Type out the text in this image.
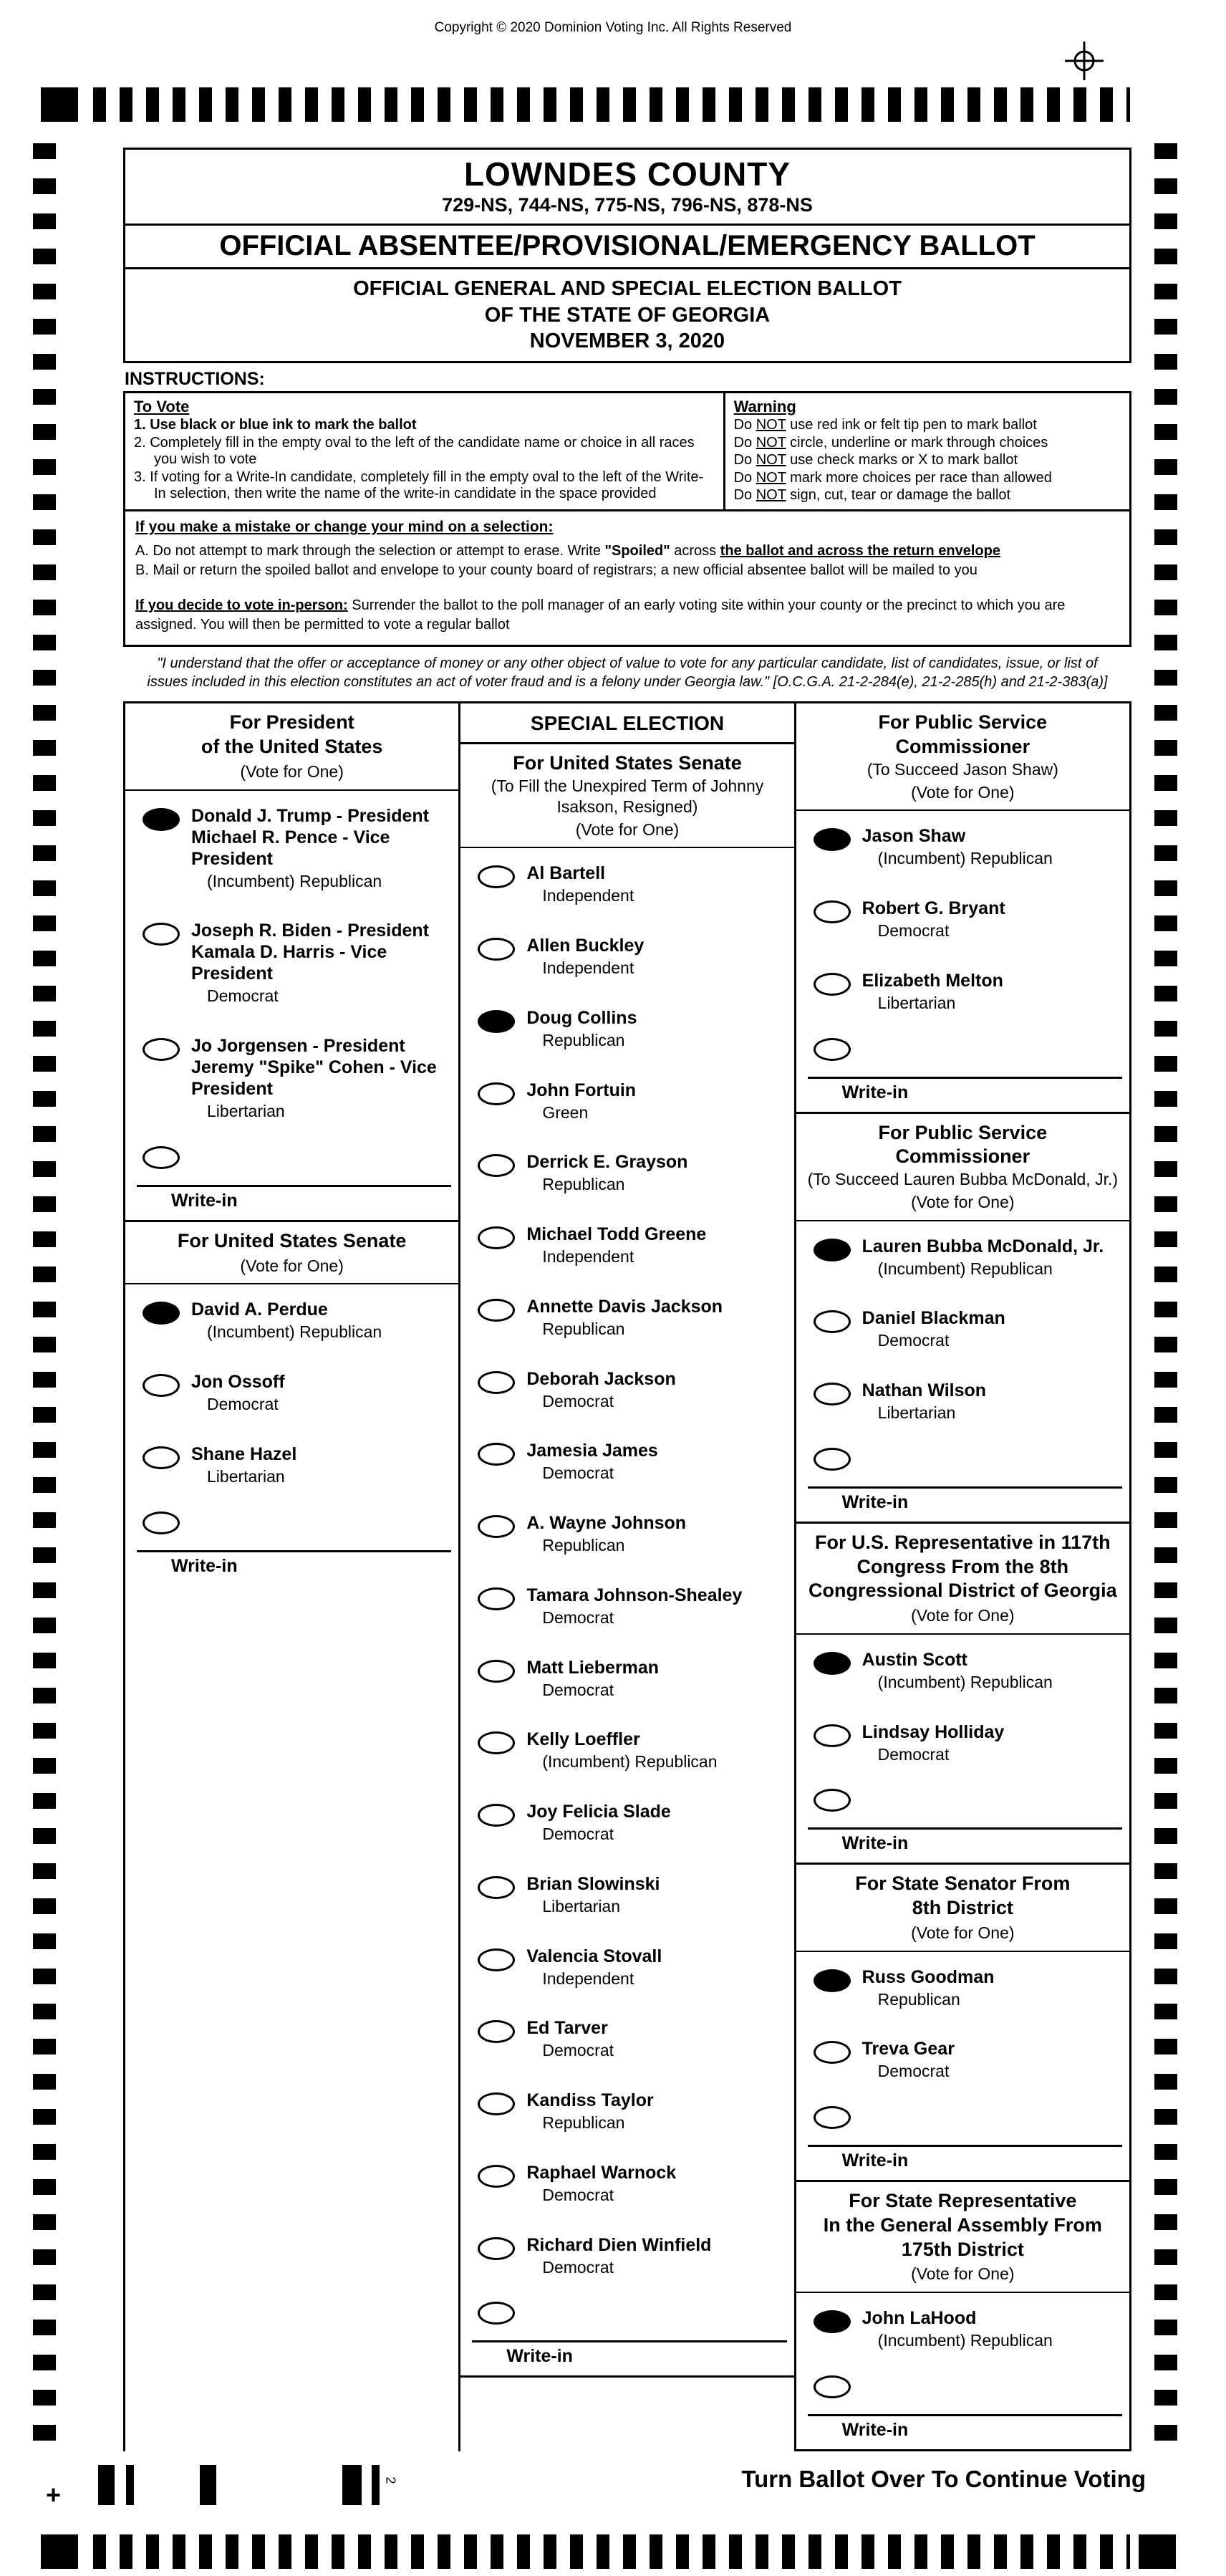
Copyright © 2020 Dominion Voting Inc. All Rights Reserved
LOWNDES COUNTY
729-NS, 744-NS, 775-NS, 796-NS, 878-NS
OFFICIAL ABSENTEE/PROVISIONAL/EMERGENCY BALLOT
OFFICIAL GENERAL AND SPECIAL ELECTION BALLOT
OF THE STATE OF GEORGIA
NOVEMBER 3, 2020
INSTRUCTIONS:
To Vote
1. Use black or blue ink to mark the ballot
2. Completely fill in the empty oval to the left of the candidate name or choice in all races you wish to vote
3. If voting for a Write-In candidate, completely fill in the empty oval to the left of the Write-In selection, then write the name of the write-in candidate in the space provided
Warning
Do NOT use red ink or felt tip pen to mark ballot
Do NOT circle, underline or mark through choices
Do NOT use check marks or X to mark ballot
Do NOT mark more choices per race than allowed
Do NOT sign, cut, tear or damage the ballot
If you make a mistake or change your mind on a selection:
A. Do not attempt to mark through the selection or attempt to erase. Write "Spoiled" across the ballot and across the return envelope
B. Mail or return the spoiled ballot and envelope to your county board of registrars; a new official absentee ballot will be mailed to you
If you decide to vote in-person: Surrender the ballot to the poll manager of an early voting site within your county or the precinct to which you are assigned. You will then be permitted to vote a regular ballot
"I understand that the offer or acceptance of money or any other object of value to vote for any particular candidate, list of candidates, issue, or list of issues included in this election constitutes an act of voter fraud and is a felony under Georgia law." [O.C.G.A. 21-2-284(e), 21-2-285(h) and 21-2-383(a)]
For President
of the United States
(Vote for One)
Donald J. Trump - President
Michael R. Pence - Vice President
(Incumbent) Republican
Joseph R. Biden - President
Kamala D. Harris - Vice President
Democrat
Jo Jorgensen - President
Jeremy "Spike" Cohen - Vice President
Libertarian
Write-in
For United States Senate
(Vote for One)
David A. Perdue
(Incumbent) Republican
Jon Ossoff
Democrat
Shane Hazel
Libertarian
Write-in
SPECIAL ELECTION
For United States Senate
(To Fill the Unexpired Term of Johnny
Isakson, Resigned)
(Vote for One)
Al Bartell
Independent
Allen Buckley
Independent
Doug Collins
Republican
John Fortuin
Green
Derrick E. Grayson
Republican
Michael Todd Greene
Independent
Annette Davis Jackson
Republican
Deborah Jackson
Democrat
Jamesia James
Democrat
A. Wayne Johnson
Republican
Tamara Johnson-Shealey
Democrat
Matt Lieberman
Democrat
Kelly Loeffler
(Incumbent) Republican
Joy Felicia Slade
Democrat
Brian Slowinski
Libertarian
Valencia Stovall
Independent
Ed Tarver
Democrat
Kandiss Taylor
Republican
Raphael Warnock
Democrat
Richard Dien Winfield
Democrat
Write-in
For Public Service
Commissioner
(To Succeed Jason Shaw)
(Vote for One)
Jason Shaw
(Incumbent) Republican
Robert G. Bryant
Democrat
Elizabeth Melton
Libertarian
Write-in
For Public Service
Commissioner
(To Succeed Lauren Bubba McDonald, Jr.)
(Vote for One)
Lauren Bubba McDonald, Jr.
(Incumbent) Republican
Daniel Blackman
Democrat
Nathan Wilson
Libertarian
Write-in
For U.S. Representative in 117th
Congress From the 8th
Congressional District of Georgia
(Vote for One)
Austin Scott
(Incumbent) Republican
Lindsay Holliday
Democrat
Write-in
For State Senator From
8th District
(Vote for One)
Russ Goodman
Republican
Treva Gear
Democrat
Write-in
For State Representative
In the General Assembly From
175th District
(Vote for One)
John LaHood
(Incumbent) Republican
Write-in
+	2	Turn Ballot Over To Continue Voting
